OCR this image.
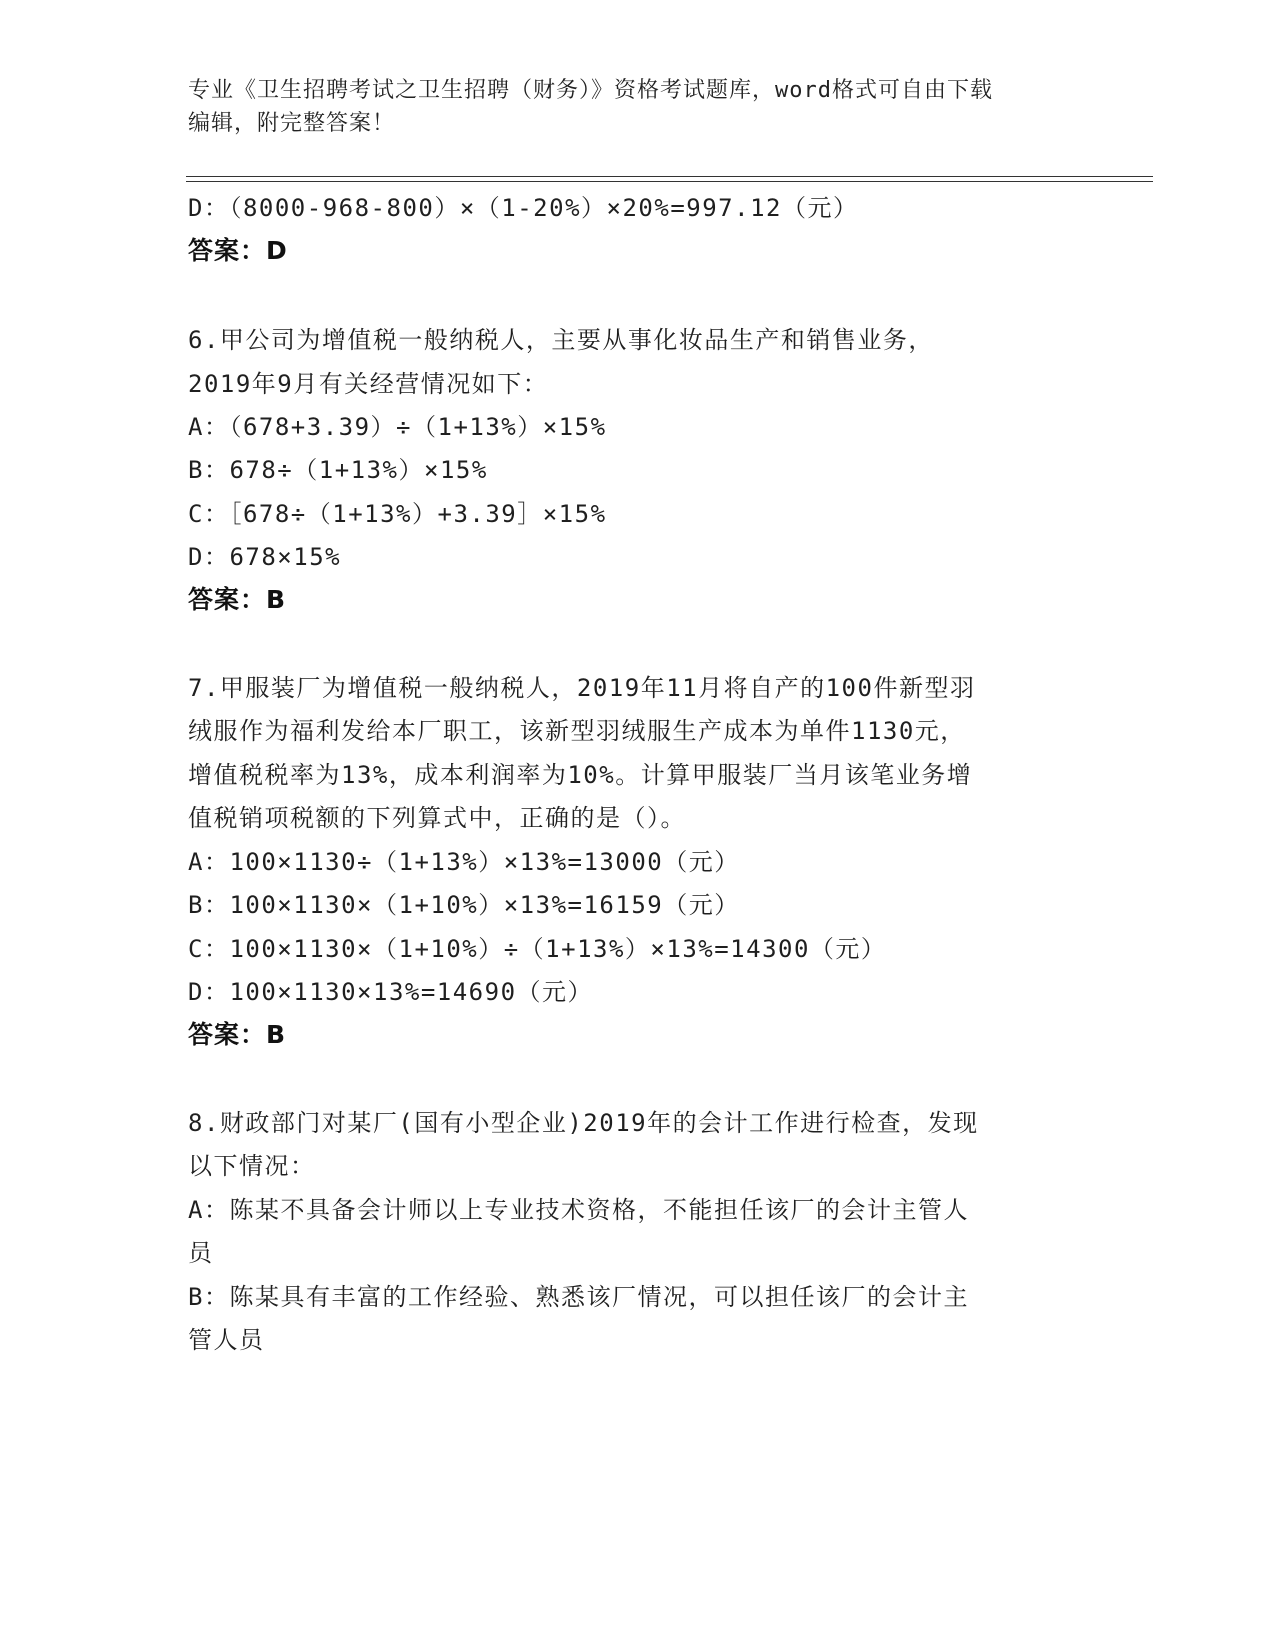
专业《卫生招聘考试之卫生招聘（财务）》资格考试题库，word格式可自由下载
编辑，附完整答案！
D：（8000-968-800）×（1-20%）×20%=997.12（元）
答案：D
6.甲公司为增值税一般纳税人，主要从事化妆品生产和销售业务，
2019年9月有关经营情况如下：
A：（678+3.39）÷（1+13%）×15%
B：678÷（1+13%）×15%
C：［678÷（1+13%）+3.39］×15%
D：678×15%
答案：B
7.甲服装厂为增值税一般纳税人，2019年11月将自产的100件新型羽
绒服作为福利发给本厂职工，该新型羽绒服生产成本为单件1130元，
增值税税率为13%，成本利润率为10%。计算甲服装厂当月该笔业务增
值税销项税额的下列算式中，正确的是（）。
A：100×1130÷（1+13%）×13%=13000（元）
B：100×1130×（1+10%）×13%=16159（元）
C：100×1130×（1+10%）÷（1+13%）×13%=14300（元）
D：100×1130×13%=14690（元）
答案：B
8.财政部门对某厂(国有小型企业)2019年的会计工作进行检查，发现
以下情况：
A：陈某不具备会计师以上专业技术资格，不能担任该厂的会计主管人
员
B：陈某具有丰富的工作经验、熟悉该厂情况，可以担任该厂的会计主
管人员
